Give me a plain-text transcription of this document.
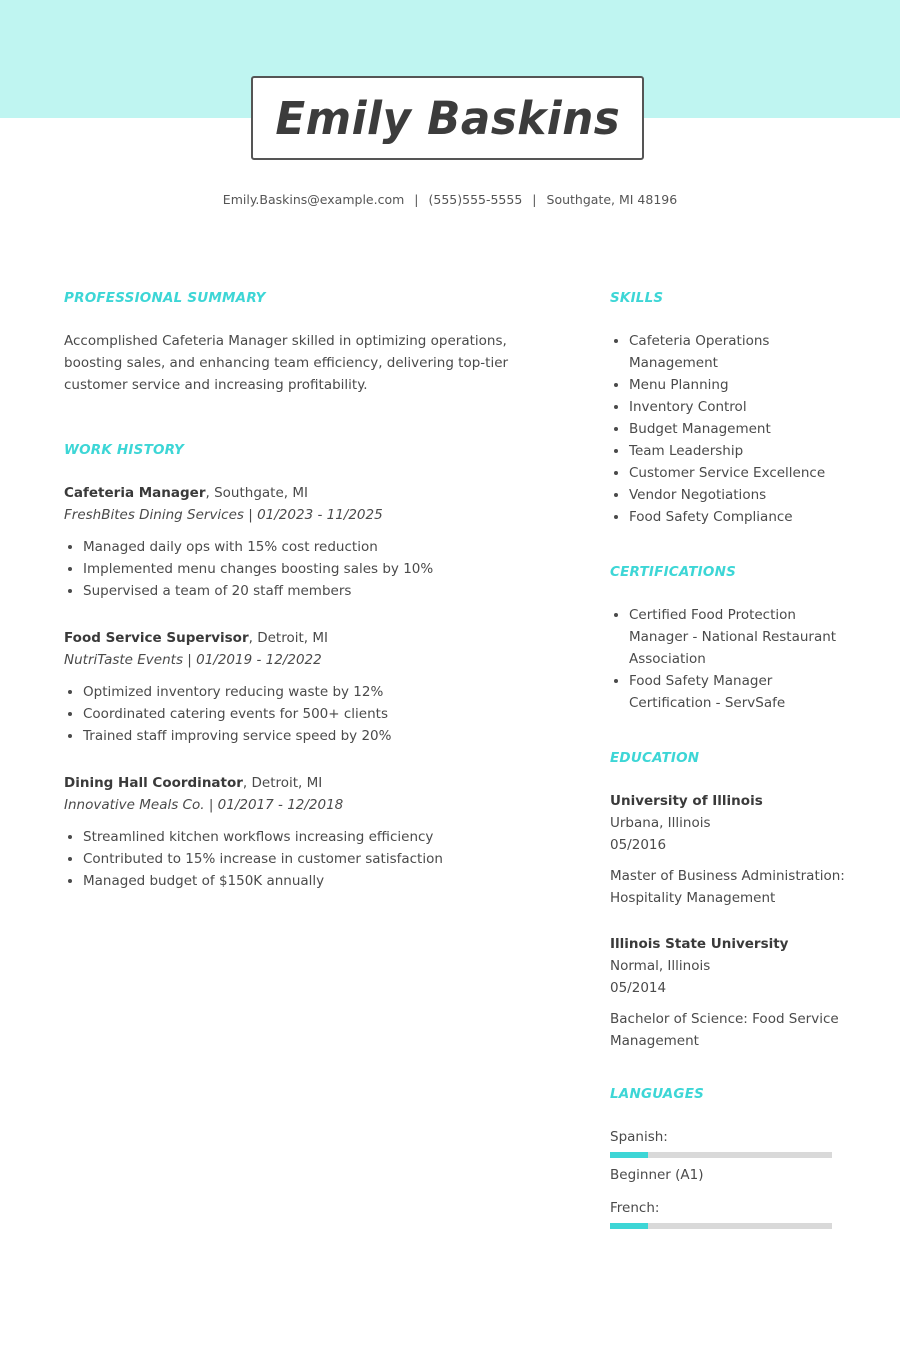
Emily Baskins
Emily.Baskins@example.com | (555)555-5555 | Southgate, MI 48196
PROFESSIONAL SUMMARY

Accomplished Cafeteria Manager skilled in optimizing operations, boosting sales, and enhancing team efficiency, delivering top-tier customer service and increasing profitability.

WORK HISTORY
Cafeteria Manager, Southgate, MI
FreshBites Dining Services | 01/2023 - 11/2025
• Managed daily ops with 15% cost reduction
• Implemented menu changes boosting sales by 10%
• Supervised a team of 20 staff members
Food Service Supervisor, Detroit, MI
NutriTaste Events | 01/2019 - 12/2022
• Optimized inventory reducing waste by 12%
• Coordinated catering events for 500+ clients
• Trained staff improving service speed by 20%
Dining Hall Coordinator, Detroit, MI
Innovative Meals Co. | 01/2017 - 12/2018
• Streamlined kitchen workflows increasing efficiency
• Contributed to 15% increase in customer satisfaction
• Managed budget of $150K annually
SKILLS
• Cafeteria Operations Management
• Menu Planning
• Inventory Control
• Budget Management
• Team Leadership
• Customer Service Excellence
• Vendor Negotiations
• Food Safety Compliance
CERTIFICATIONS
• Certified Food Protection Manager - National Restaurant Association
• Food Safety Manager Certification - ServSafe
EDUCATION
University of Illinois
Urbana, Illinois
05/2016
Master of Business Administration: Hospitality Management
Illinois State University
Normal, Illinois
05/2014
Bachelor of Science: Food Service Management
LANGUAGES
Spanish:
Beginner (A1)
French:
